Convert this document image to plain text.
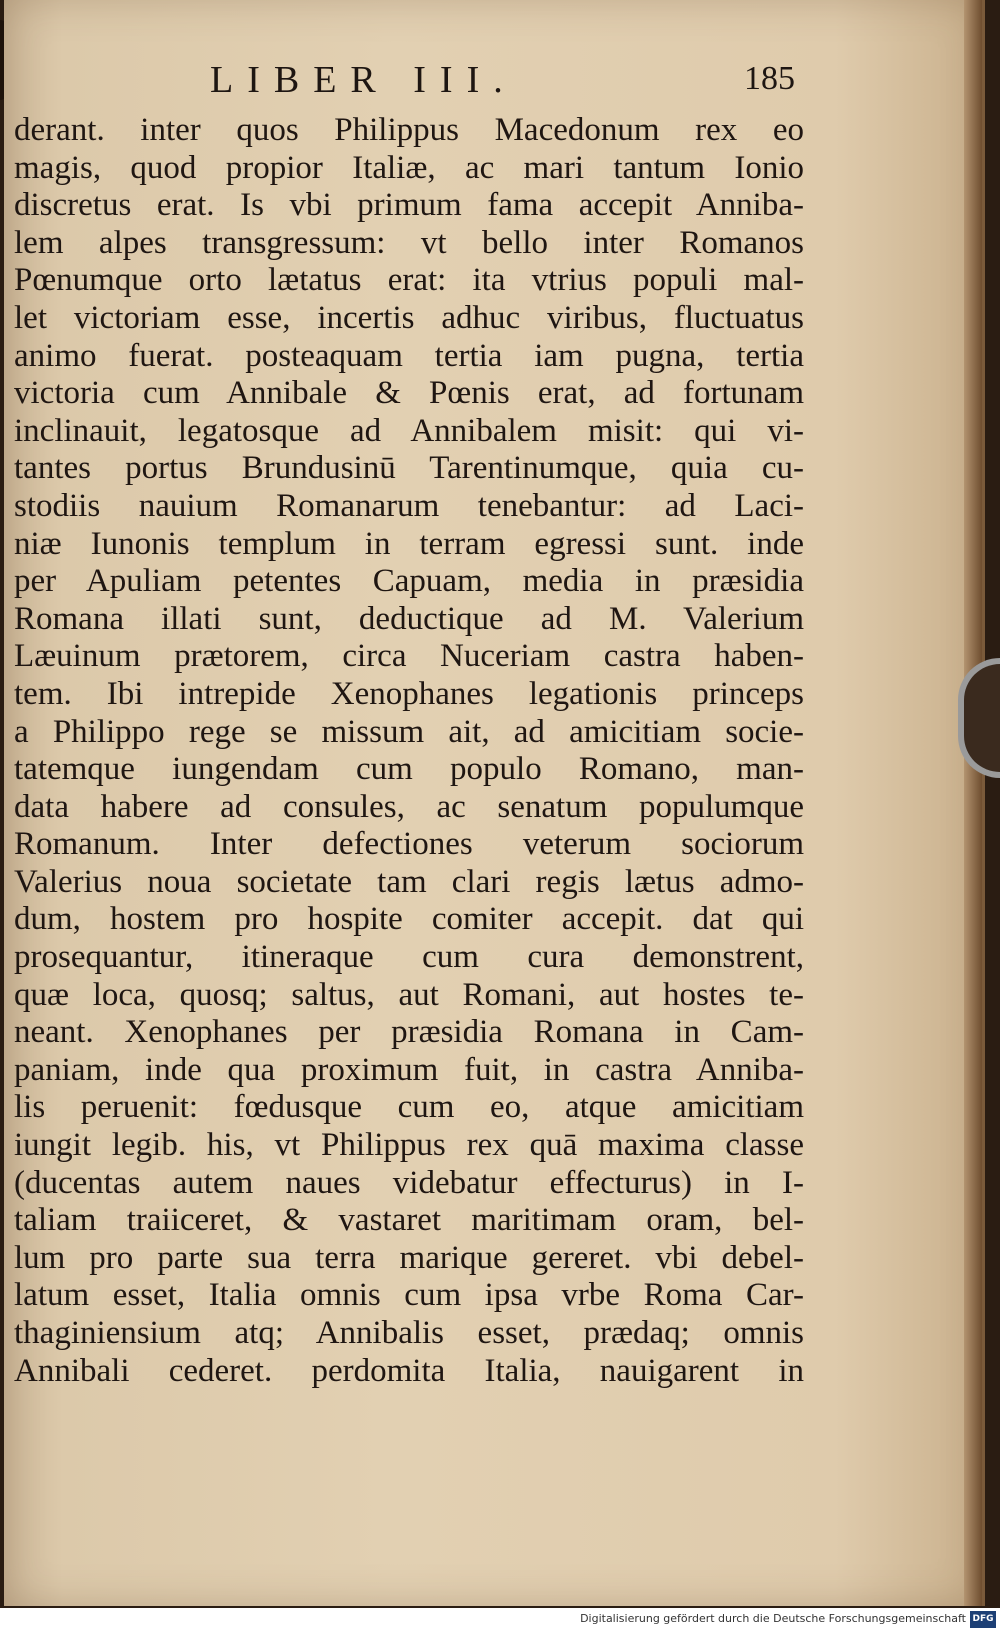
LIBER III.	185
derant. inter quos Philippus Macedonum rex eo
magis, quod propior Italiæ, ac mari tantum Ionio
discretus erat. Is vbi primum fama accepit Anniba-
lem alpes transgressum: vt bello inter Romanos
Pœnumque orto lætatus erat: ita vtrius populi mal-
let victoriam esse, incertis adhuc viribus, fluctuatus
animo fuerat. posteaquam tertia iam pugna, tertia
victoria cum Annibale & Pœnis erat, ad fortunam
inclinauit, legatosque ad Annibalem misit: qui vi-
tantes portus Brundusinū Tarentinumque, quia cu-
stodiis nauium Romanarum tenebantur: ad Laci-
niæ Iunonis templum in terram egressi sunt. inde
per Apuliam petentes Capuam, media in præsidia
Romana illati sunt, deductique ad M. Valerium
Læuinum prætorem, circa Nuceriam castra haben-
tem. Ibi intrepide Xenophanes legationis princeps
a Philippo rege se missum ait, ad amicitiam socie-
tatemque iungendam cum populo Romano, man-
data habere ad consules, ac senatum populumque
Romanum. Inter defectiones veterum sociorum
Valerius noua societate tam clari regis lætus admo-
dum, hostem pro hospite comiter accepit. dat qui
prosequantur, itineraque cum cura demonstrent,
quæ loca, quosq; saltus, aut Romani, aut hostes te-
neant. Xenophanes per præsidia Romana in Cam-
paniam, inde qua proximum fuit, in castra Anniba-
lis peruenit: fœdusque cum eo, atque amicitiam
iungit legib. his, vt Philippus rex quā maxima classe
(ducentas autem naues videbatur effecturus) in I-
taliam traiiceret, & vastaret maritimam oram, bel-
lum pro parte sua terra marique gereret. vbi debel-
latum esset, Italia omnis cum ipsa vrbe Roma Car-
thaginiensium atq; Annibalis esset, prædaq; omnis
Annibali cederet. perdomita Italia, nauigarent in
Digitalisierung gefördert durch die Deutsche Forschungsgemeinschaft DFG
